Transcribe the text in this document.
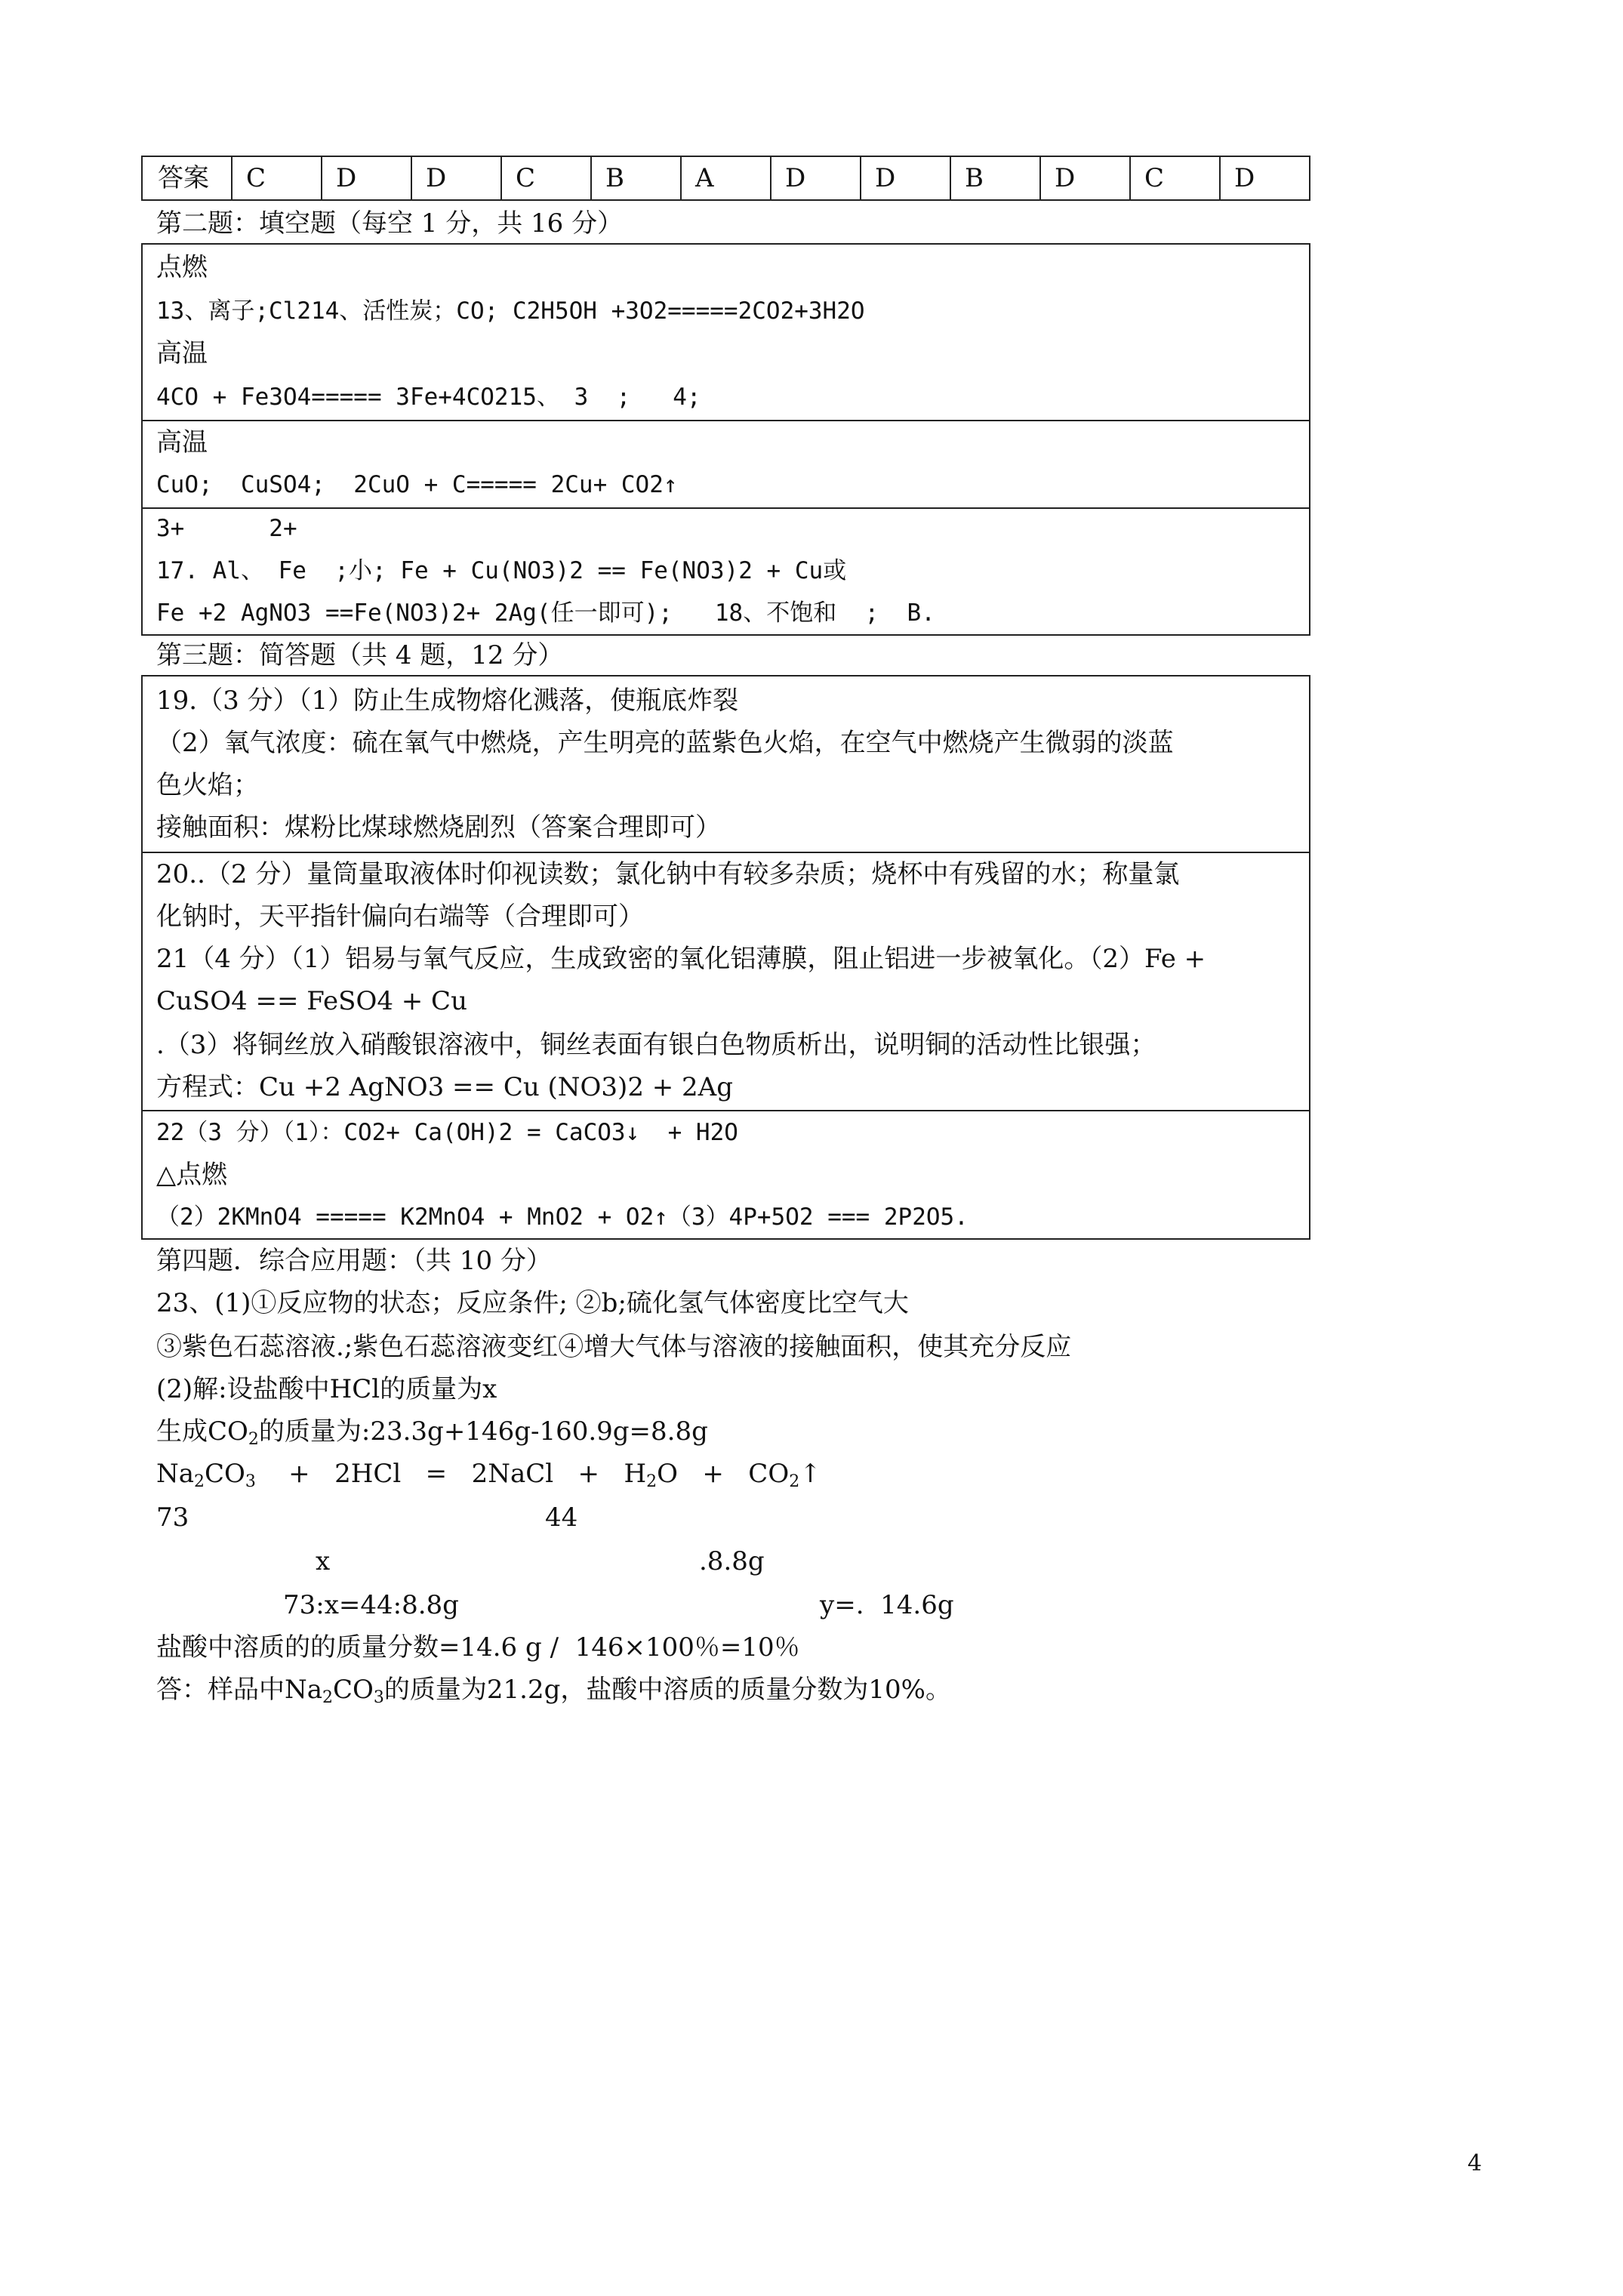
答案	C	D	D	C	B	A	D	D	B	D	C	D
第二题：填空题（每空 1 分，共 16 分）
点燃
13、离子;Cl214、活性炭；CO; C2H5OH +3O2=====2CO2+3H2O
高温
4CO + Fe3O4===== 3Fe+4CO215、 3  ;   4;
高温
CuO;  CuSO4;  2CuO + C===== 2Cu+ CO2↑
3+      2+
17. Al、 Fe  ;小; Fe + Cu(NO3)2 == Fe(NO3)2 + Cu或
Fe +2 AgNO3 ==Fe(NO3)2+ 2Ag(任一即可);   18、不饱和  ;  B.
第三题：简答题（共 4 题，12 分）
19.（3 分）（1）防止生成物熔化溅落，使瓶底炸裂
（2）氧气浓度：硫在氧气中燃烧，产生明亮的蓝紫色火焰，在空气中燃烧产生微弱的淡蓝
色火焰；
接触面积：煤粉比煤球燃烧剧烈（答案合理即可）
20..（2 分）量筒量取液体时仰视读数；氯化钠中有较多杂质；烧杯中有残留的水；称量氯
化钠时，天平指针偏向右端等（合理即可）
21（4 分）（1）铝易与氧气反应，生成致密的氧化铝薄膜，阻止铝进一步被氧化。（2）Fe +
CuSO4 == FeSO4 + Cu
.（3）将铜丝放入硝酸银溶液中，铜丝表面有银白色物质析出，说明铜的活动性比银强；
方程式：Cu +2 AgNO3 == Cu (NO3)2 + 2Ag
22（3 分）（1）：CO2+ Ca(OH)2 = CaCO3↓  + H2O
△点燃
（2）2KMnO4 ===== K2MnO4 + MnO2 + O2↑（3）4P+5O2 === 2P2O5.
第四题．综合应用题：（共 10 分）
23、(1)①反应物的状态；反应条件; ②b;硫化氢气体密度比空气大
③紫色石蕊溶液.;紫色石蕊溶液变红④增大气体与溶液的接触面积，使其充分反应
(2)解:设盐酸中HCl的质量为x
生成$CO_2$的质量为:23.3g+146g-160.9g=8.8g
$Na_2CO_3$    +   2HCl   =   2NaCl   +   $H_2O$   +   $CO_2↑$
73	44
x	.8.8g
73:x=44:8.8g	y=.  14.6g
盐酸中溶质的的质量分数=14.6 g /  146×100％=10％
答：样品中$Na_2CO_3$的质量为21.2g，盐酸中溶质的质量分数为10%。
4
